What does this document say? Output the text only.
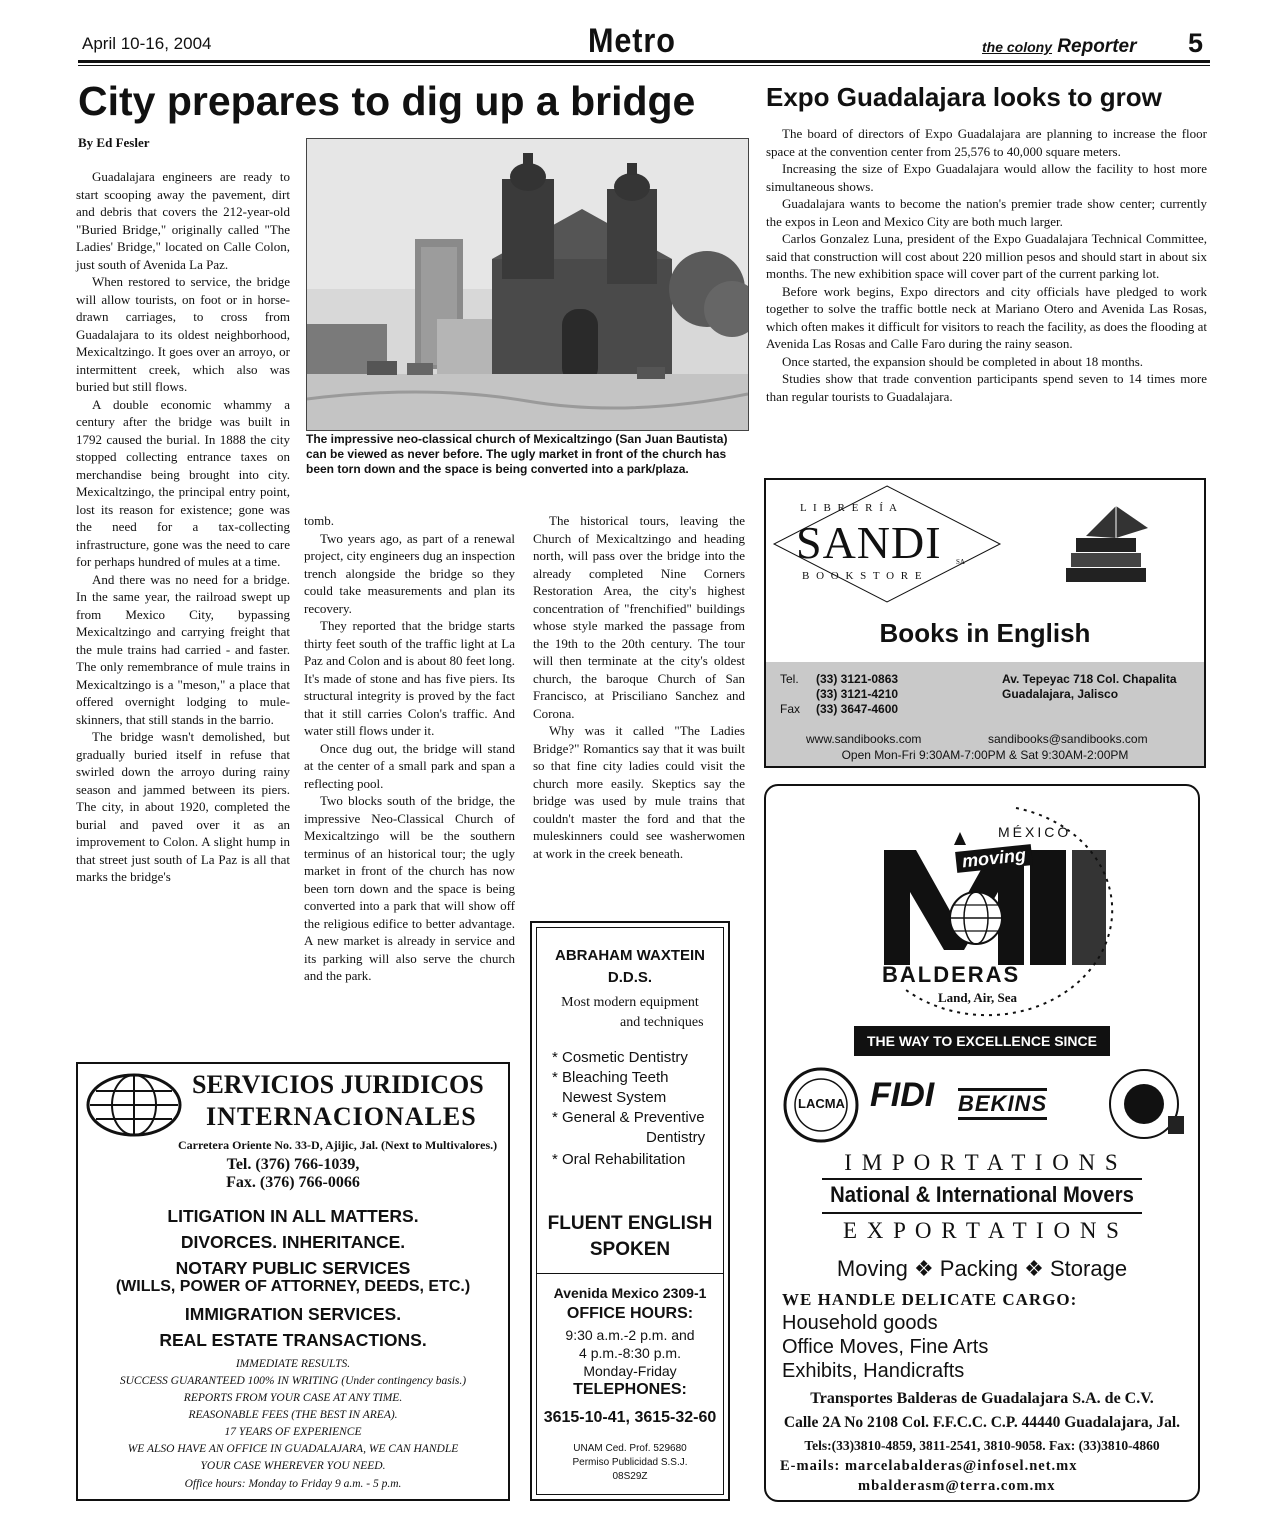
April 10-16, 2004	Metro	the colony Reporter 5
City prepares to dig up a bridge
By Ed Fesler

Guadalajara engineers are ready to start scooping away the pavement, dirt and debris that covers the 212-year-old "Buried Bridge," originally called "The Ladies' Bridge," located on Calle Colon, just south of Avenida La Paz.

When restored to service, the bridge will allow tourists, on foot or in horse-drawn carriages, to cross from Guadalajara to its oldest neighborhood, Mexicaltzingo. It goes over an arroyo, or intermittent creek, which also was buried but still flows.

A double economic whammy a century after the bridge was built in 1792 caused the burial. In 1888 the city stopped collecting entrance taxes on merchandise being brought into city. Mexicaltzingo, the principal entry point, lost its reason for existence; gone was the need for a tax-collecting infrastructure, gone was the need to care for perhaps hundred of mules at a time.

And there was no need for a bridge. In the same year, the railroad swept up from Mexico City, bypassing Mexicaltzingo and carrying freight that the mule trains had carried - and faster. The only remembrance of mule trains in Mexicaltzingo is a "meson," a place that offered overnight lodging to mule-skinners, that still stands in the barrio.

The bridge wasn't demolished, but gradually buried itself in refuse that swirled down the arroyo during rainy season and jammed between its piers. The city, in about 1920, completed the burial and paved over it as an improvement to Colon. A slight hump in that street just south of La Paz is all that marks the bridge's

The impressive neo-classical church of Mexicaltzingo (San Juan Bautista) can be viewed as never before. The ugly market in front of the church has been torn down and the space is being converted into a park/plaza.
tomb.

Two years ago, as part of a renewal project, city engineers dug an inspection trench alongside the bridge so they could take measurements and plan its recovery.

They reported that the bridge starts thirty feet south of the traffic light at La Paz and Colon and is about 80 feet long. It's made of stone and has five piers. Its structural integrity is proved by the fact that it still carries Colon's traffic. And water still flows under it.

Once dug out, the bridge will stand at the center of a small park and span a reflecting pool.

Two blocks south of the bridge, the impressive Neo-Classical Church of Mexicaltzingo will be the southern terminus of an historical tour; the ugly market in front of the church has now been torn down and the space is being converted into a park that will show off the religious edifice to better advantage. A new market is already in service and its parking will also serve the church and the park.

The historical tours, leaving the Church of Mexicaltzingo and heading north, will pass over the bridge into the already completed Nine Corners Restoration Area, the city's highest concentration of "frenchified" buildings whose style marked the passage from the 19th to the 20th century. The tour will then terminate at the city's oldest church, the baroque Church of San Francisco, at Prisciliano Sanchez and Corona.

Why was it called "The Ladies Bridge?" Romantics say that it was built so that fine city ladies could visit the church more easily. Skeptics say the bridge was used by mule trains that couldn't master the ford and that the muleskinners could see washerwomen at work in the creek beneath.

Expo Guadalajara looks to grow

The board of directors of Expo Guadalajara are planning to increase the floor space at the convention center from 25,576 to 40,000 square meters.

Increasing the size of Expo Guadalajara would allow the facility to host more simultaneous shows.

Guadalajara wants to become the nation's premier trade show center; currently the expos in Leon and Mexico City are both much larger.

Carlos Gonzalez Luna, president of the Expo Guadalajara Technical Committee, said that construction will cost about 220 million pesos and should start in about six months. The new exhibition space will cover part of the current parking lot.

Before work begins, Expo directors and city officials have pledged to work together to solve the traffic bottle neck at Mariano Otero and Avenida Las Rosas, which often makes it difficult for visitors to reach the facility, as does the flooding at Avenida Las Rosas and Calle Faro during the rainy season.

Once started, the expansion should be completed in about 18 months.

Studies show that trade convention participants spend seven to 14 times more than regular tourists to Guadalajara.

SERVICIOS JURIDICOS
INTERNACIONALES
Carretera Oriente No. 33-D, Ajijic, Jal. (Next to Multivalores.)
Tel. (376) 766-1039,
Fax. (376) 766-0066
LITIGATION IN ALL MATTERS.
DIVORCES. INHERITANCE.
NOTARY PUBLIC SERVICES
(WILLS, POWER OF ATTORNEY, DEEDS, ETC.)
IMMIGRATION SERVICES.
REAL ESTATE TRANSACTIONS.
IMMEDIATE RESULTS.
SUCCESS GUARANTEED 100% IN WRITING (Under contingency basis.)
REPORTS FROM YOUR CASE AT ANY TIME.
REASONABLE FEES (THE BEST IN AREA).
17 YEARS OF EXPERIENCE
WE ALSO HAVE AN OFFICE IN GUADALAJARA, WE CAN HANDLE
YOUR CASE WHEREVER YOU NEED.
Office hours: Monday to Friday 9 a.m. - 5 p.m.
ABRAHAM WAXTEIN
D.D.S.
Most modern equipment
and techniques
* Cosmetic Dentistry
* Bleaching Teeth
Newest System
* General & Preventive
Dentistry
* Oral Rehabilitation
FLUENT ENGLISH
SPOKEN
Avenida Mexico 2309-1
OFFICE HOURS:
9:30 a.m.-2 p.m. and
4 p.m.-8:30 p.m.
Monday-Friday
TELEPHONES:
3615-10-41, 3615-32-60
UNAM Ced. Prof. 529680
Permiso Publicidad S.S.J.
08S29Z
L I B R E R Í A
SANDI SA
B O O K S T O R E
Books in English
Tel. (33) 3121-0863
(33) 3121-4210
Fax (33) 3647-4600
Av. Tepeyac 718 Col. Chapalita
Guadalajara, Jalisco
www.sandibooks.com	sandibooks@sandibooks.com
Open Mon-Fri 9:30AM-7:00PM & Sat 9:30AM-2:00PM
MÉXICO
moving
BALDERAS
Land, Air, Sea
THE WAY TO EXCELLENCE SINCE 1950
LACMA FIDI BEKINS
I M P O R T A T I O N S
National & International Movers
E X P O R T A T I O N S
Moving ❖ Packing ❖ Storage
WE HANDLE DELICATE CARGO:
Household goods
Office Moves, Fine Arts
Exhibits, Handicrafts
Transportes Balderas de Guadalajara S.A. de C.V.
Calle 2A No 2108 Col. F.F.C.C. C.P. 44440 Guadalajara, Jal.
Tels:(33)3810-4859, 3811-2541, 3810-9058. Fax: (33)3810-4860
E-mails: marcelabalderas@infosel.net.mx
mbalderasm@terra.com.mx
